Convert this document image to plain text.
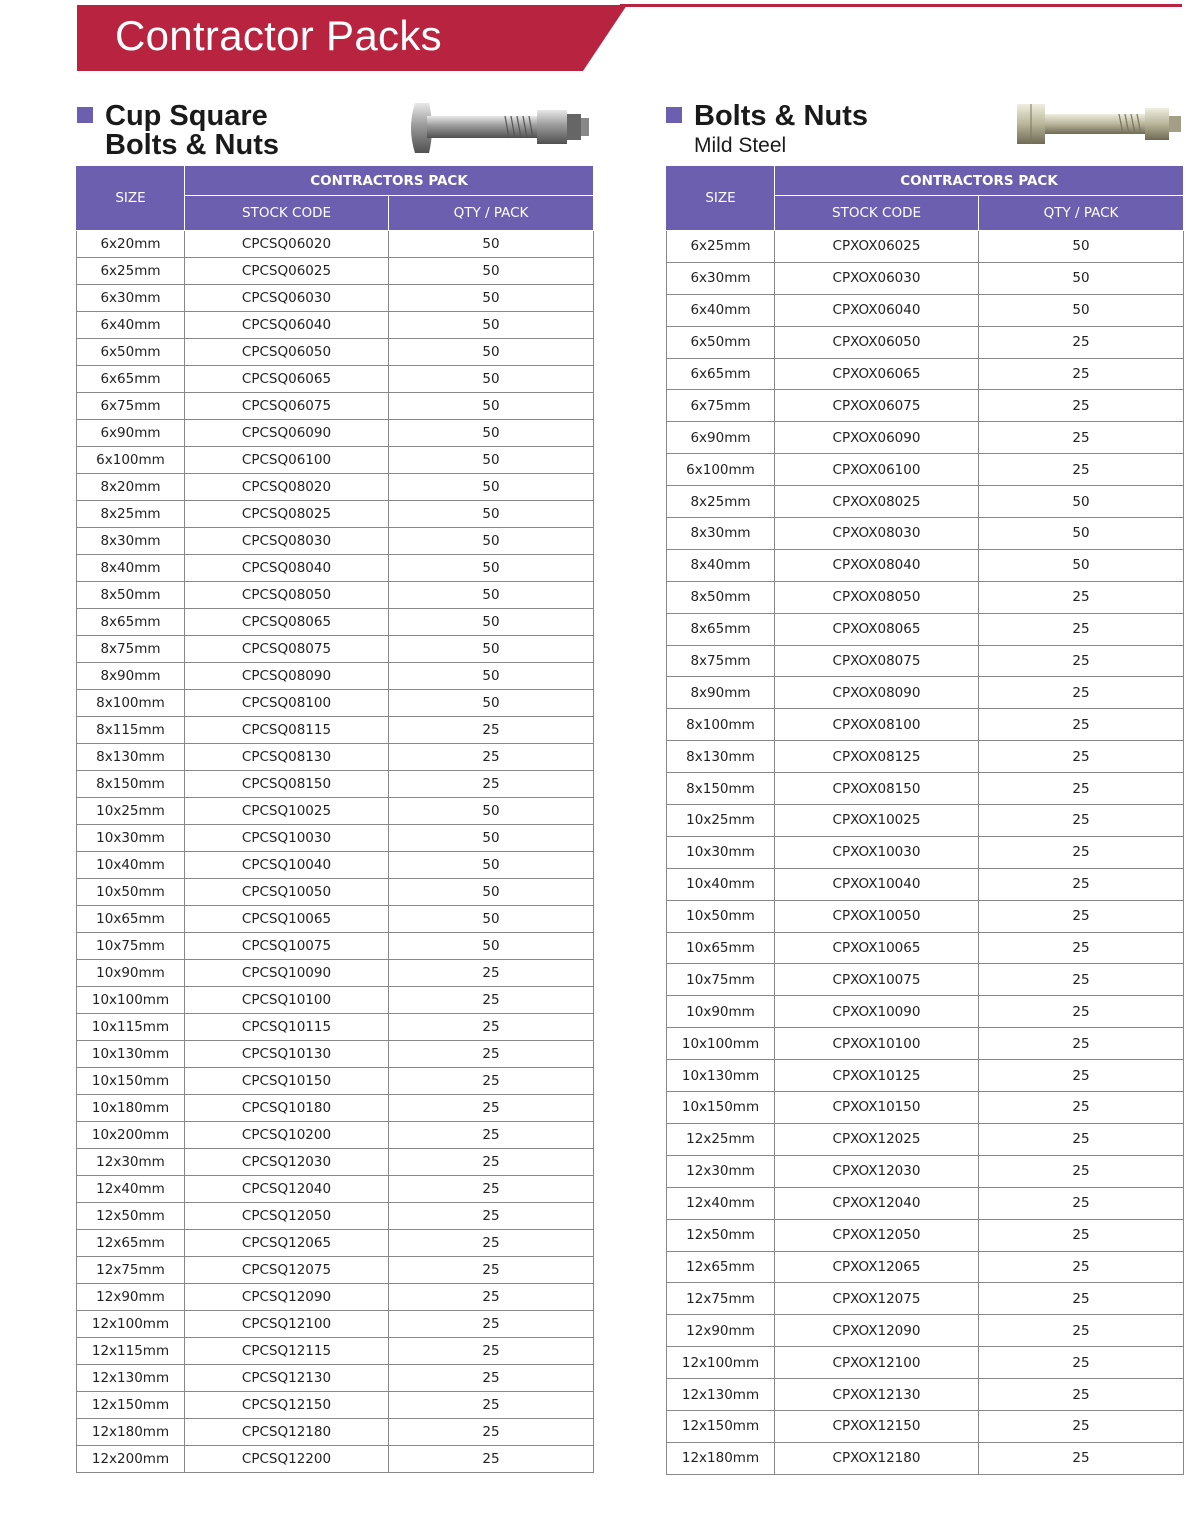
Contractor Packs
Cup Square
Bolts & Nuts
Bolts & Nuts
Mild Steel
SIZE	CONTRACTORS PACK	
	STOCK CODE	QTY / PACK
6x20mm	CPCSQ06020	50
6x25mm	CPCSQ06025	50
6x30mm	CPCSQ06030	50
6x40mm	CPCSQ06040	50
6x50mm	CPCSQ06050	50
6x65mm	CPCSQ06065	50
6x75mm	CPCSQ06075	50
6x90mm	CPCSQ06090	50
6x100mm	CPCSQ06100	50
8x20mm	CPCSQ08020	50
8x25mm	CPCSQ08025	50
8x30mm	CPCSQ08030	50
8x40mm	CPCSQ08040	50
8x50mm	CPCSQ08050	50
8x65mm	CPCSQ08065	50
8x75mm	CPCSQ08075	50
8x90mm	CPCSQ08090	50
8x100mm	CPCSQ08100	50
8x115mm	CPCSQ08115	25
8x130mm	CPCSQ08130	25
8x150mm	CPCSQ08150	25
10x25mm	CPCSQ10025	50
10x30mm	CPCSQ10030	50
10x40mm	CPCSQ10040	50
10x50mm	CPCSQ10050	50
10x65mm	CPCSQ10065	50
10x75mm	CPCSQ10075	50
10x90mm	CPCSQ10090	25
10x100mm	CPCSQ10100	25
10x115mm	CPCSQ10115	25
10x130mm	CPCSQ10130	25
10x150mm	CPCSQ10150	25
10x180mm	CPCSQ10180	25
10x200mm	CPCSQ10200	25
12x30mm	CPCSQ12030	25
12x40mm	CPCSQ12040	25
12x50mm	CPCSQ12050	25
12x65mm	CPCSQ12065	25
12x75mm	CPCSQ12075	25
12x90mm	CPCSQ12090	25
12x100mm	CPCSQ12100	25
12x115mm	CPCSQ12115	25
12x130mm	CPCSQ12130	25
12x150mm	CPCSQ12150	25
12x180mm	CPCSQ12180	25
12x200mm	CPCSQ12200	25
SIZE	CONTRACTORS PACK	
	STOCK CODE	QTY / PACK
6x25mm	CPXOX06025	50
6x30mm	CPXOX06030	50
6x40mm	CPXOX06040	50
6x50mm	CPXOX06050	25
6x65mm	CPXOX06065	25
6x75mm	CPXOX06075	25
6x90mm	CPXOX06090	25
6x100mm	CPXOX06100	25
8x25mm	CPXOX08025	50
8x30mm	CPXOX08030	50
8x40mm	CPXOX08040	50
8x50mm	CPXOX08050	25
8x65mm	CPXOX08065	25
8x75mm	CPXOX08075	25
8x90mm	CPXOX08090	25
8x100mm	CPXOX08100	25
8x130mm	CPXOX08125	25
8x150mm	CPXOX08150	25
10x25mm	CPXOX10025	25
10x30mm	CPXOX10030	25
10x40mm	CPXOX10040	25
10x50mm	CPXOX10050	25
10x65mm	CPXOX10065	25
10x75mm	CPXOX10075	25
10x90mm	CPXOX10090	25
10x100mm	CPXOX10100	25
10x130mm	CPXOX10125	25
10x150mm	CPXOX10150	25
12x25mm	CPXOX12025	25
12x30mm	CPXOX12030	25
12x40mm	CPXOX12040	25
12x50mm	CPXOX12050	25
12x65mm	CPXOX12065	25
12x75mm	CPXOX12075	25
12x90mm	CPXOX12090	25
12x100mm	CPXOX12100	25
12x130mm	CPXOX12130	25
12x150mm	CPXOX12150	25
12x180mm	CPXOX12180	25
